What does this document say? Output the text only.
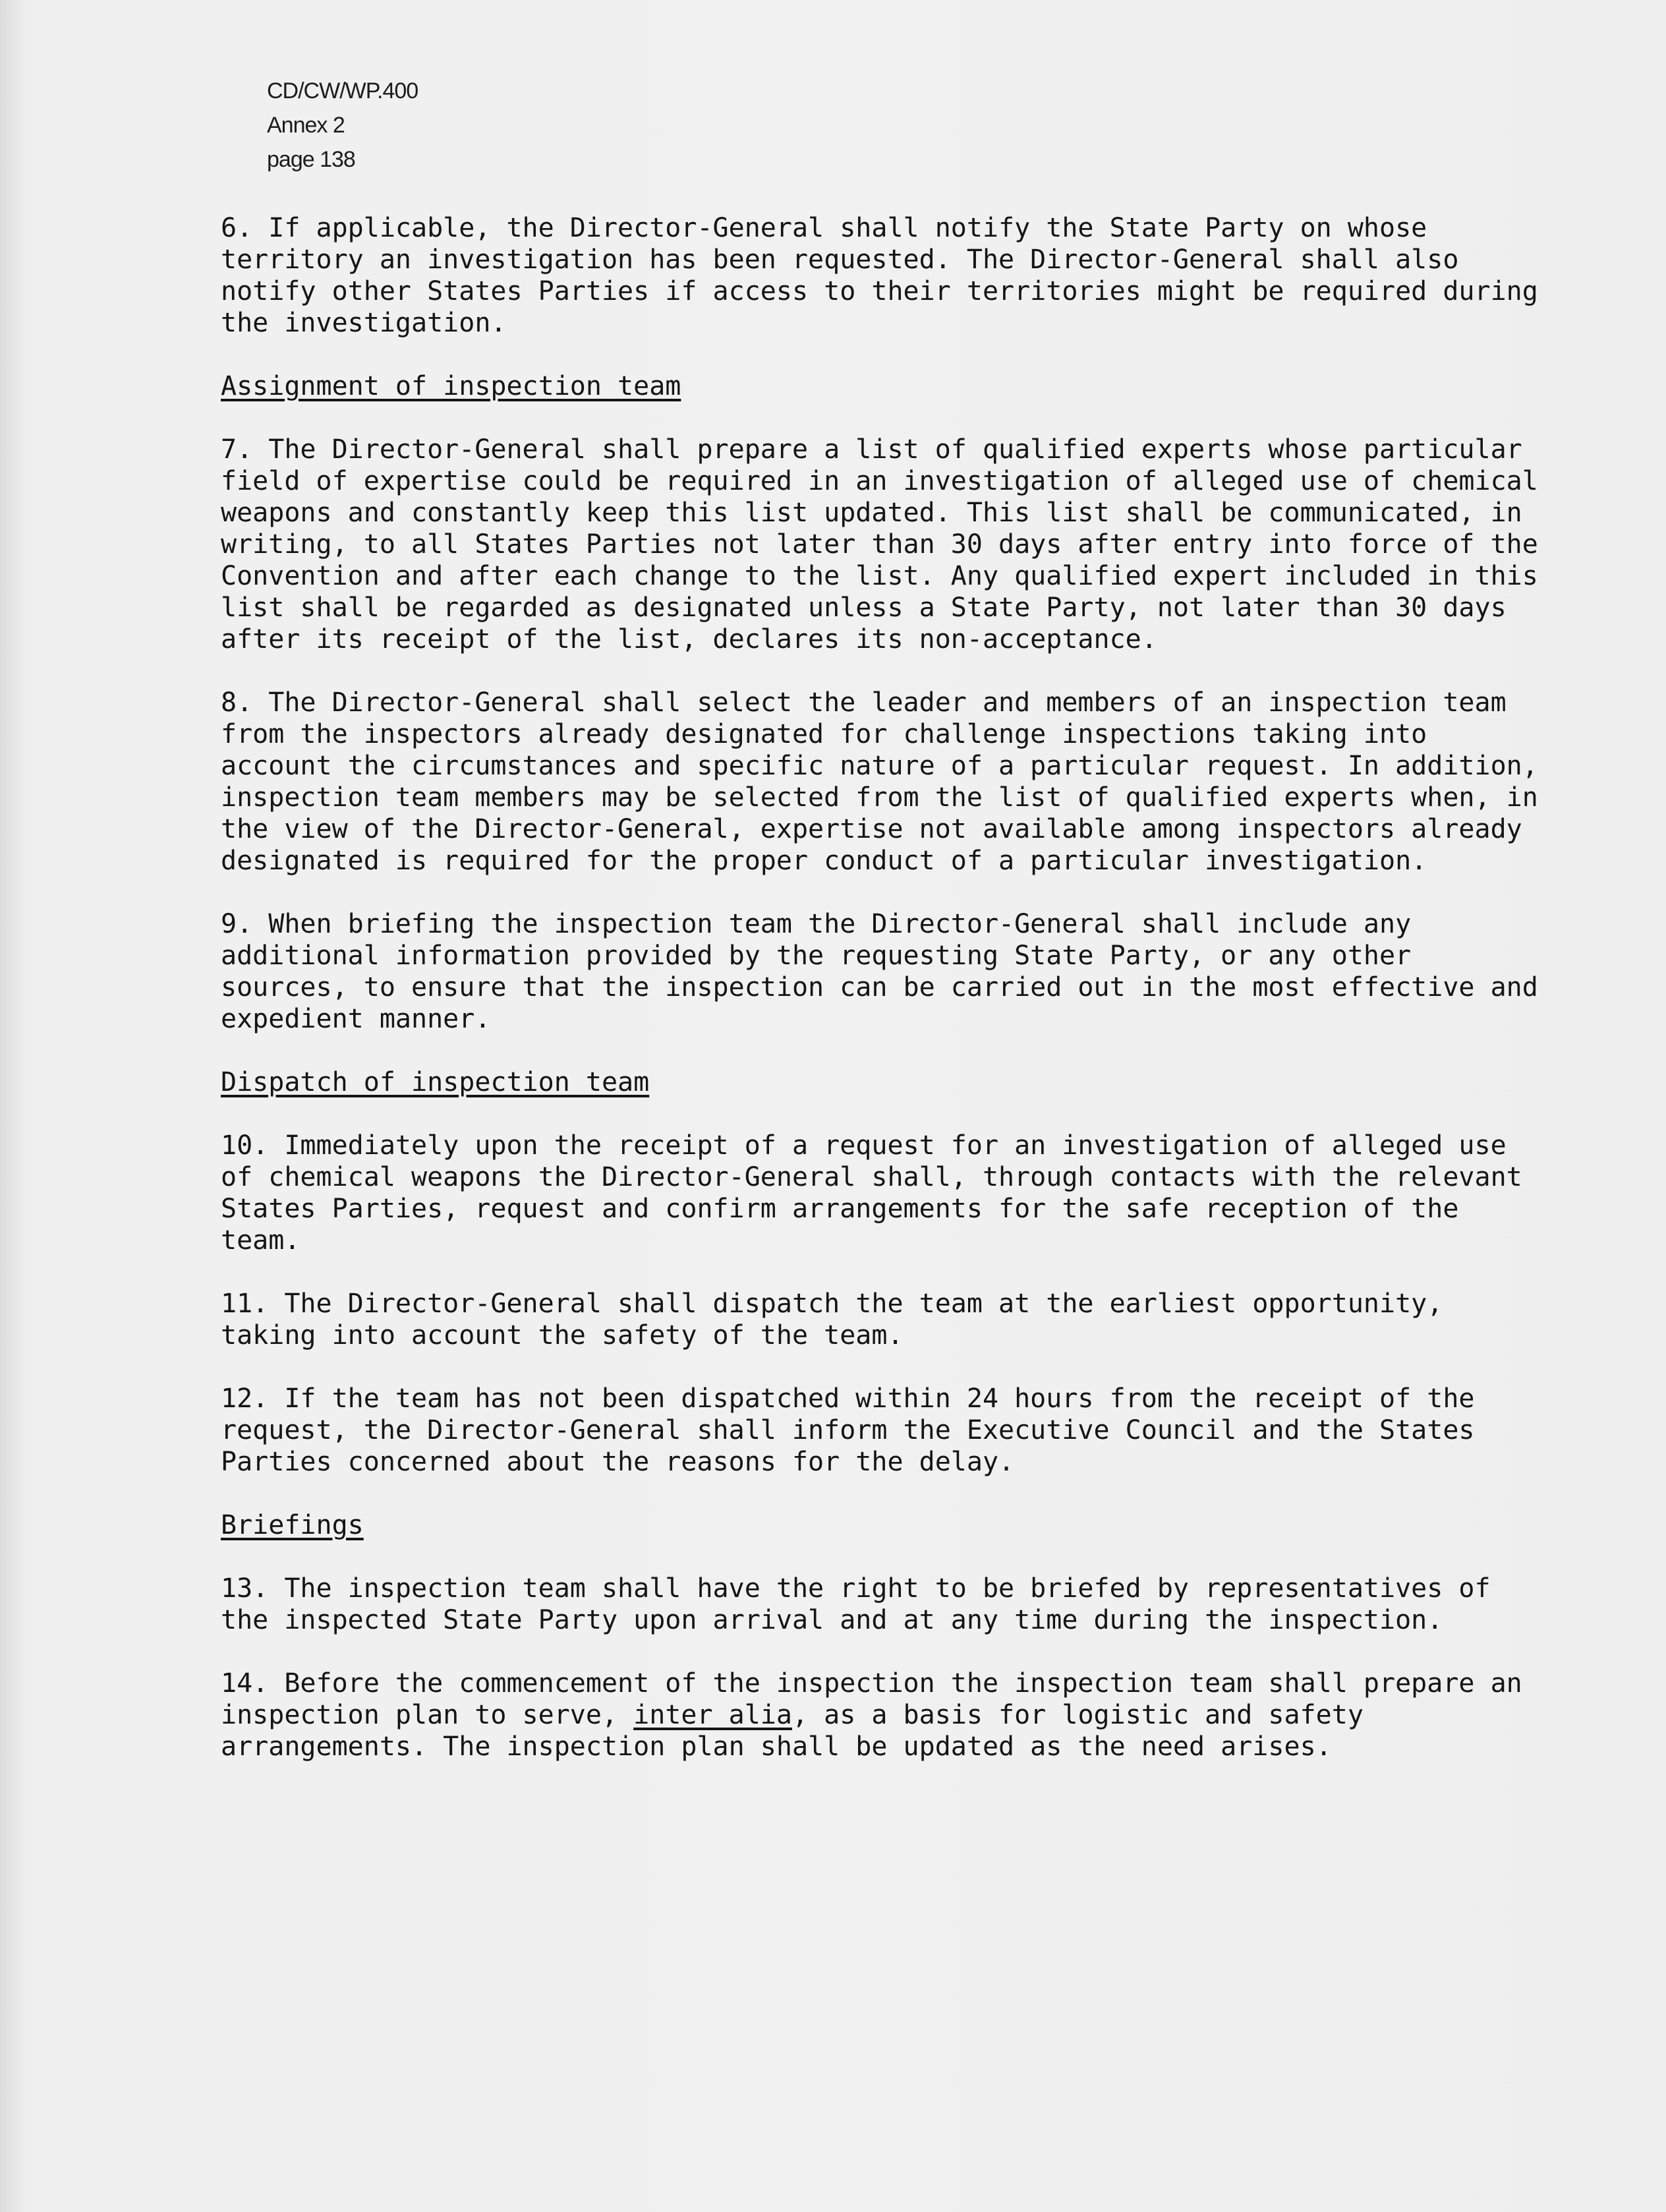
CD/CW/WP.400
Annex 2
page 138

6. If applicable, the Director-General shall notify the State Party on whose territory an investigation has been requested. The Director-General shall also notify other States Parties if access to their territories might be required during the investigation.

Assignment of inspection team

7. The Director-General shall prepare a list of qualified experts whose particular field of expertise could be required in an investigation of alleged use of chemical weapons and constantly keep this list updated. This list shall be communicated, in writing, to all States Parties not later than 30 days after entry into force of the Convention and after each change to the list. Any qualified expert included in this list shall be regarded as designated unless a State Party, not later than 30 days after its receipt of the list, declares its non-acceptance.

8. The Director-General shall select the leader and members of an inspection team from the inspectors already designated for challenge inspections taking into account the circumstances and specific nature of a particular request. In addition, inspection team members may be selected from the list of qualified experts when, in the view of the Director-General, expertise not available among inspectors already designated is required for the proper conduct of a particular investigation.

9. When briefing the inspection team the Director-General shall include any additional information provided by the requesting State Party, or any other sources, to ensure that the inspection can be carried out in the most effective and expedient manner.

Dispatch of inspection team

10. Immediately upon the receipt of a request for an investigation of alleged use of chemical weapons the Director-General shall, through contacts with the relevant States Parties, request and confirm arrangements for the safe reception of the team.

11. The Director-General shall dispatch the team at the earliest opportunity, taking into account the safety of the team.

12. If the team has not been dispatched within 24 hours from the receipt of the request, the Director-General shall inform the Executive Council and the States Parties concerned about the reasons for the delay.

Briefings

13. The inspection team shall have the right to be briefed by representatives of the inspected State Party upon arrival and at any time during the inspection.

14. Before the commencement of the inspection the inspection team shall prepare an inspection plan to serve, inter alia, as a basis for logistic and safety arrangements. The inspection plan shall be updated as the need arises.
